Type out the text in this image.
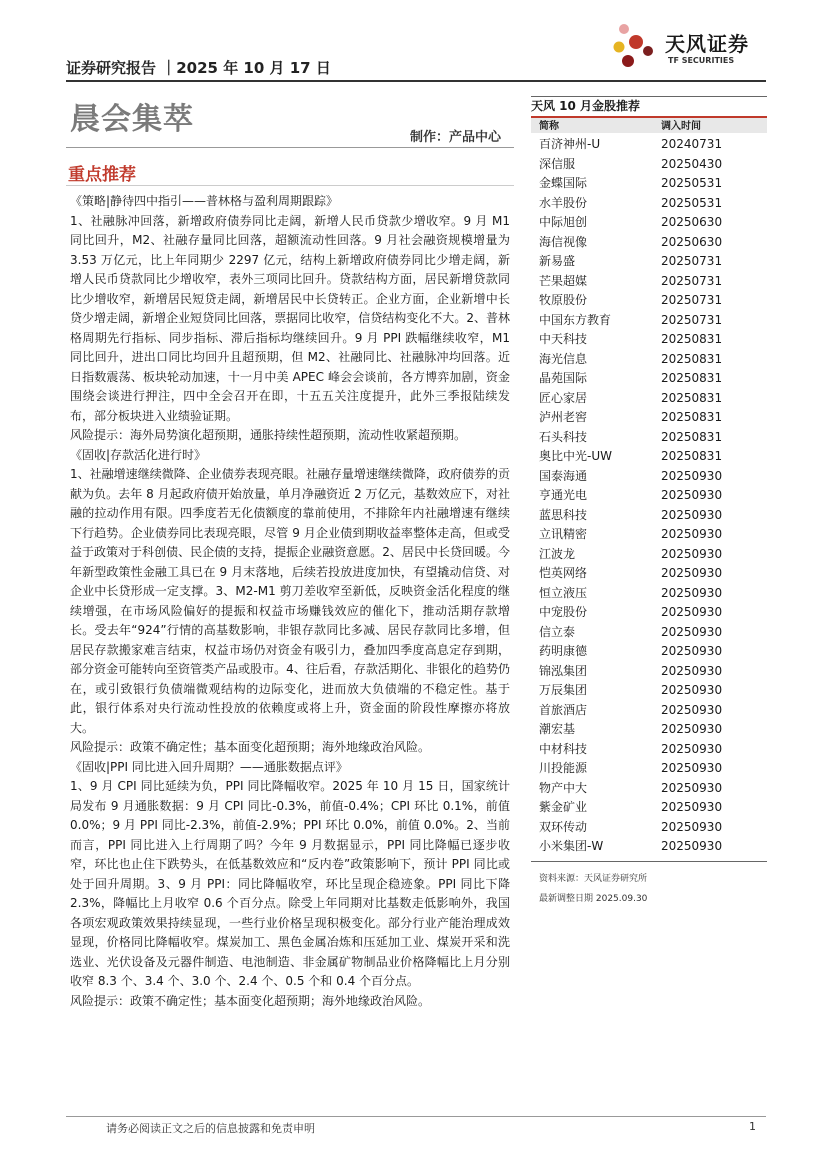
证券研究报告 ｜2025 年 10 月 17 日
天风证券
TF SECURITIES
晨会集萃
制作：产品中心
重点推荐

《策略|静待四中指引——普林格与盈利周期跟踪》

1、社融脉冲回落，新增政府债券同比走阔，新增人民币贷款少增收窄。9 月 M1 同比回升，M2、社融存量同比回落，超额流动性回落。9 月社会融资规模增量为 3.53 万亿元，比上年同期少 2297 亿元，结构上新增政府债券同比少增走阔，新增人民币贷款同比少增收窄，表外三项同比回升。贷款结构方面，居民新增贷款同比少增收窄，新增居民短贷走阔，新增居民中长贷转正。企业方面，企业新增中长贷少增走阔，新增企业短贷同比回落，票据同比收窄，信贷结构变化不大。2、普林格周期先行指标、同步指标、滞后指标均继续回升。9 月 PPI 跌幅继续收窄，M1 同比回升，进出口同比均回升且超预期，但 M2、社融同比、社融脉冲均回落。近日指数震荡、板块轮动加速，十一月中美 APEC 峰会会谈前，各方博弈加剧，资金围绕会谈进行押注，四中全会召开在即，十五五关注度提升，此外三季报陆续发布，部分板块进入业绩验证期。

风险提示：海外局势演化超预期，通胀持续性超预期，流动性收紧超预期。

《固收|存款活化进行时》

1、社融增速继续微降、企业债券表现亮眼。社融存量增速继续微降，政府债券的贡献为负。去年 8 月起政府债开始放量，单月净融资近 2 万亿元，基数效应下，对社融的拉动作用有限。四季度若无化债额度的靠前使用，不排除年内社融增速有继续下行趋势。企业债券同比表现亮眼，尽管 9 月企业债到期收益率整体走高，但或受益于政策对于科创债、民企债的支持，提振企业融资意愿。2、居民中长贷回暖。今年新型政策性金融工具已在 9 月末落地，后续若投放进度加快，有望撬动信贷、对企业中长贷形成一定支撑。3、M2-M1 剪刀差收窄至新低，反映资金活化程度的继续增强，在市场风险偏好的提振和权益市场赚钱效应的催化下，推动活期存款增长。受去年“924”行情的高基数影响，非银存款同比多减、居民存款同比多增，但居民存款搬家难言结束，权益市场仍对资金有吸引力，叠加四季度高息定存到期，部分资金可能转向至资管类产品或股市。4、往后看，存款活期化、非银化的趋势仍在，或引致银行负债端微观结构的边际变化，进而放大负债端的不稳定性。基于此，银行体系对央行流动性投放的依赖度或将上升，资金面的阶段性摩擦亦将放大。

风险提示：政策不确定性；基本面变化超预期；海外地缘政治风险。

《固收|PPI 同比进入回升周期？——通胀数据点评》

1、9 月 CPI 同比延续为负，PPI 同比降幅收窄。2025 年 10 月 15 日，国家统计局发布 9 月通胀数据：9 月 CPI 同比-0.3%，前值-0.4%；CPI 环比 0.1%，前值 0.0%；9 月 PPI 同比-2.3%，前值-2.9%；PPI 环比 0.0%，前值 0.0%。2、当前而言，PPI 同比进入上行周期了吗？今年 9 月数据显示，PPI 同比降幅已逐步收窄，环比也止住下跌势头，在低基数效应和“反内卷”政策影响下，预计 PPI 同比或处于回升周期。3、9 月 PPI：同比降幅收窄，环比呈现企稳迹象。PPI 同比下降 2.3%，降幅比上月收窄 0.6 个百分点。除受上年同期对比基数走低影响外，我国各项宏观政策效果持续显现，一些行业价格呈现积极变化。部分行业产能治理成效显现，价格同比降幅收窄。煤炭加工、黑色金属冶炼和压延加工业、煤炭开采和洗选业、光伏设备及元器件制造、电池制造、非金属矿物制品业价格降幅比上月分别收窄 8.3 个、3.4 个、3.0 个、2.4 个、0.5 个和 0.4 个百分点。

风险提示：政策不确定性；基本面变化超预期；海外地缘政治风险。

天风 10 月金股推荐
简称	调入时间
百济神州-U	20240731
深信服	20250430
金蝶国际	20250531
水羊股份	20250531
中际旭创	20250630
海信视像	20250630
新易盛	20250731
芒果超媒	20250731
牧原股份	20250731
中国东方教育	20250731
中天科技	20250831
海光信息	20250831
晶苑国际	20250831
匠心家居	20250831
泸州老窖	20250831
石头科技	20250831
奥比中光-UW	20250831
国泰海通	20250930
亨通光电	20250930
蓝思科技	20250930
立讯精密	20250930
江波龙	20250930
恺英网络	20250930
恒立液压	20250930
中宠股份	20250930
信立泰	20250930
药明康德	20250930
锦泓集团	20250930
万辰集团	20250930
首旅酒店	20250930
潮宏基	20250930
中材科技	20250930
川投能源	20250930
物产中大	20250930
紫金矿业	20250930
双环传动	20250930
小米集团-W	20250930
资料来源：天风证券研究所
最新调整日期 2025.09.30
请务必阅读正文之后的信息披露和免责申明	1
